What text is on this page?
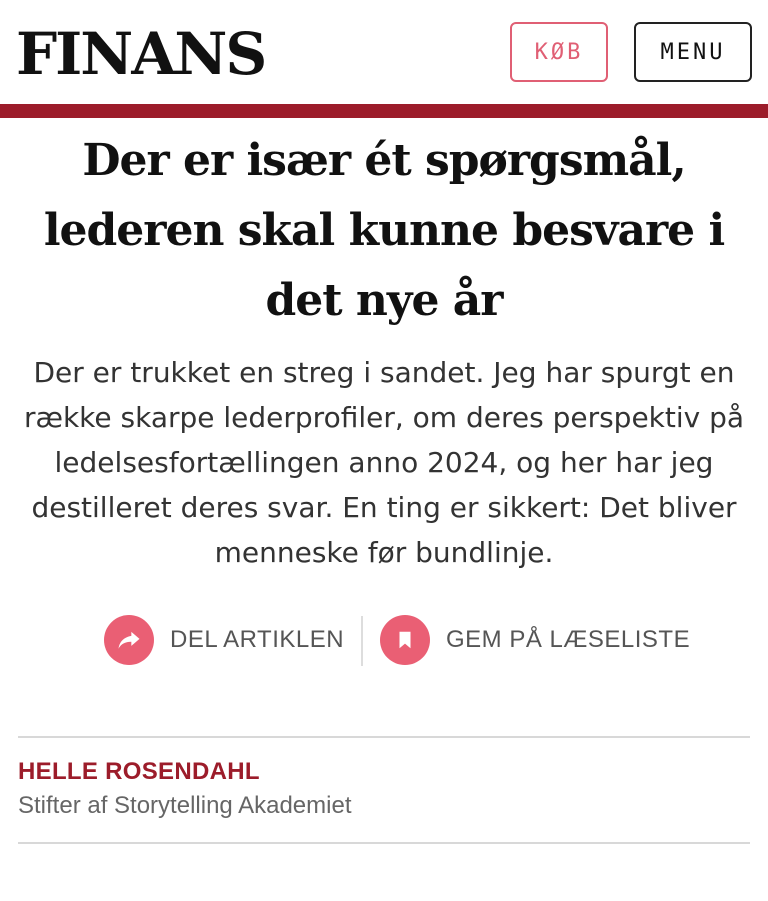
FINANS	KØB	MENU
Der er især ét spørgsmål, lederen skal kunne besvare i det nye år

Der er trukket en streg i sandet. Jeg har spurgt en række skarpe lederprofiler, om deres perspektiv på ledelsesfortællingen anno 2024, og her har jeg destilleret deres svar. En ting er sikkert: Det bliver menneske før bundlinje.

DEL ARTIKLEN	GEM PÅ LÆSELISTE
HELLE ROSENDAHL
Stifter af Storytelling Akademiet
